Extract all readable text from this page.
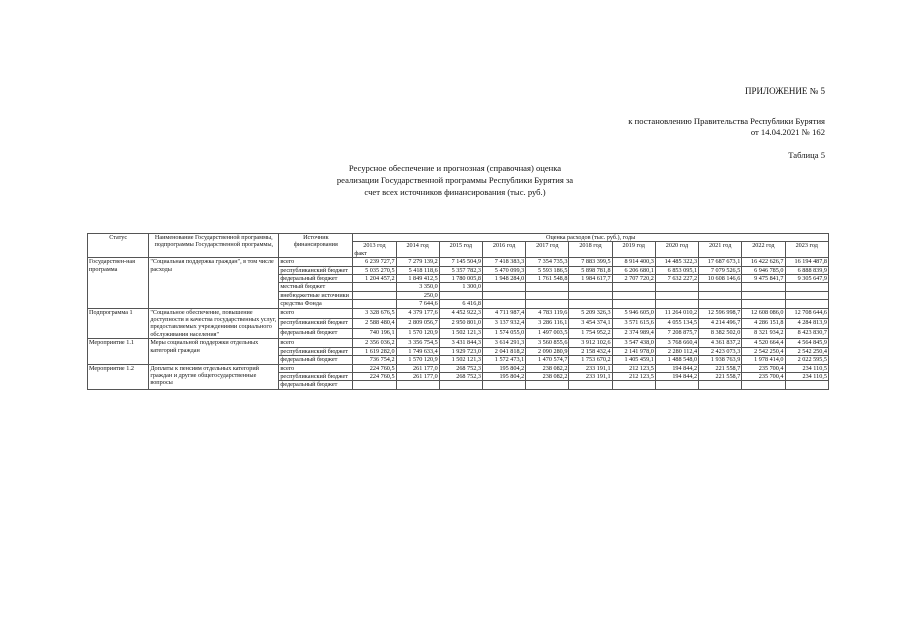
ПРИЛОЖЕНИЕ № 5
к постановлению Правительства Республики Бурятия
от 14.04.2021 № 162
Таблица 5
Ресурсное обеспечение и прогнозная (справочная) оценка
реализации Государственной программы Республики Бурятия за
счет всех источников финансирования (тыс. руб.)
Статус	Наименование Государственной программы, подпрограммы Государственной программы,	Источник финансирования	Оценка расходов (тыс. руб.), годы										
			2013 год

факт	2014 год	2015 год	2016 год	2017 год	2018 год	2019 год	2020 год	2021 год	2022 год	2023 год
Государствен-ная программа	"Социальная поддержка граждан", в том числе расходы	всего	6 239 727,7	7 279 139,2	7 145 504,9	7 418 383,3	7 354 735,3	7 883 399,5	8 914 400,3	14 485 322,3	17 687 673,1	16 422 626,7	16 194 487,8
		республиканский бюджет	5 035 270,5	5 418 118,6	5 357 782,3	5 470 099,3	5 593 186,5	5 898 781,8	6 206 680,1	6 853 095,1	7 079 526,5	6 946 785,0	6 888 839,9
		федеральный бюджет	1 204 457,2	1 849 412,5	1 780 005,8	1 948 284,0	1 761 548,8	1 984 617,7	2 707 720,2	7 632 227,2	10 608 146,6	9 475 841,7	9 305 647,9
		местный бюджет		3 350,0	1 300,0								
		внебюджетные источники		250,0									
		средства Фонда		7 644,6	6 416,8								
Подпрограмма 1	"Социальное обеспечение, повышение доступности и качества государственных услуг, предоставляемых учреждениями социального обслуживания населения"	всего	3 328 676,5	4 379 177,6	4 452 922,3	4 711 987,4	4 783 119,6	5 209 326,3	5 946 605,0	11 264 010,2	12 596 998,7	12 608 086,0	12 708 644,6
		республиканский бюджет	2 588 480,4	2 809 056,7	2 950 801,0	3 137 932,4	3 286 116,1	3 454 374,1	3 571 615,6	4 055 134,5	4 214 496,7	4 286 151,8	4 284 813,9
		федеральный бюджет	740 196,1	1 570 120,9	1 502 121,3	1 574 055,0	1 497 003,5	1 754 952,2	2 374 989,4	7 208 875,7	8 382 502,0	8 321 934,2	8 423 830,7
Мероприятие 1.1	Меры социальной поддержки отдельных категорий граждан	всего	2 356 036,2	3 356 754,5	3 431 844,3	3 614 291,3	3 560 855,6	3 912 102,6	3 547 438,0	3 768 660,4	4 361 837,2	4 520 664,4	4 564 845,9
		республиканский бюджет	1 619 282,0	1 749 633,4	1 929 723,0	2 041 818,2	2 090 280,9	2 158 432,4	2 141 978,0	2 280 112,4	2 423 073,3	2 542 250,4	2 542 250,4
		федеральный бюджет	736 754,2	1 570 120,9	1 502 121,3	1 572 473,1	1 470 574,7	1 753 670,2	1 405 459,1	1 488 548,0	1 938 763,9	1 978 414,0	2 022 595,5
Мероприятие 1.2	Доплаты к пенсиям отдельных категорий граждан и другие общегосударственные вопросы	всего	224 760,5	261 177,0	268 752,3	195 804,2	238 082,2	233 191,1	212 123,5	194 844,2	221 558,7	235 700,4	234 110,5
		республиканский бюджет	224 760,5	261 177,0	268 752,3	195 804,2	238 082,2	233 191,1	212 123,5	194 844,2	221 558,7	235 700,4	234 110,5
		федеральный бюджет											
